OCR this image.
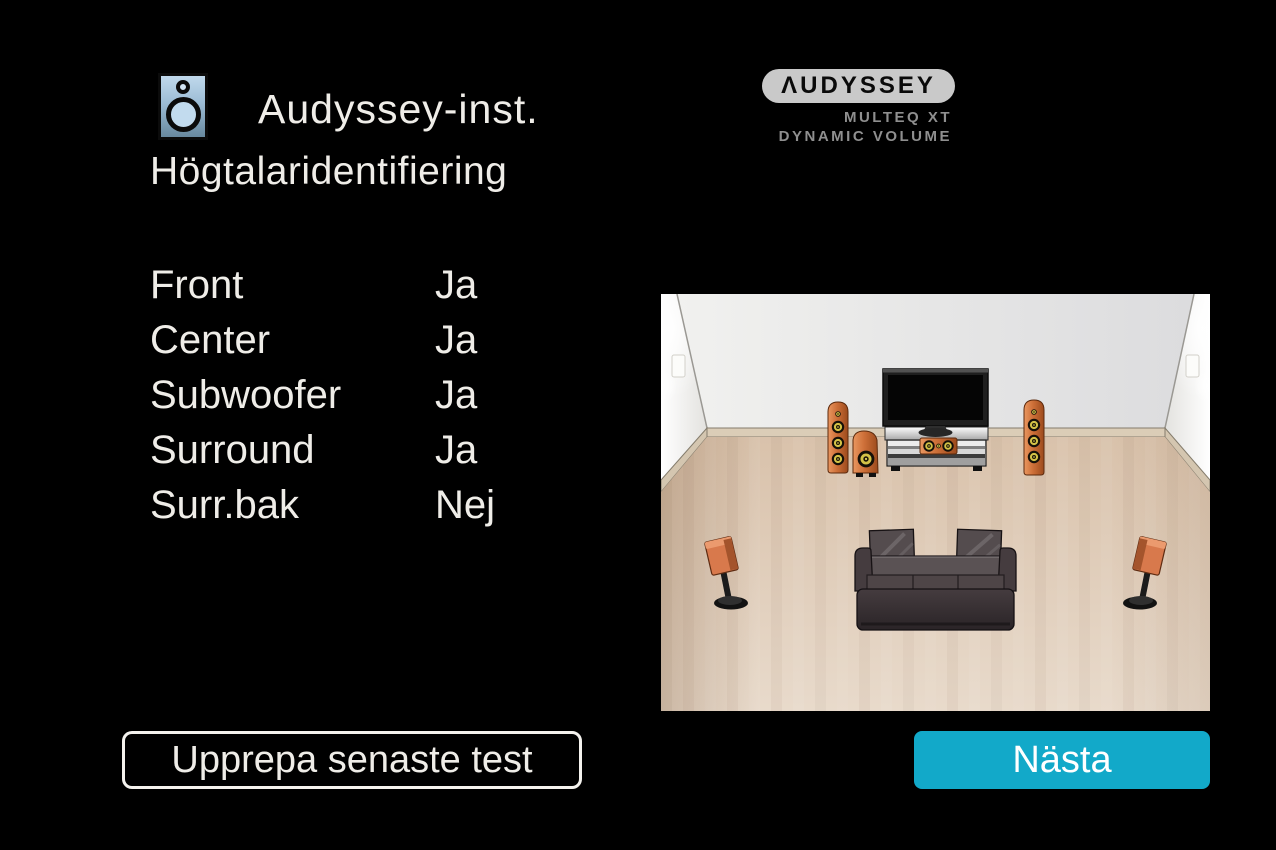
Audyssey-inst.
Högtalaridentifiering
ΛUDYSSEY
MULTEQ XT
DYNAMIC VOLUME
Front	Ja
Center	Ja
Subwoofer	Ja
Surround	Ja
Surr.bak	Nej
Upprepa senaste test	Nästa
